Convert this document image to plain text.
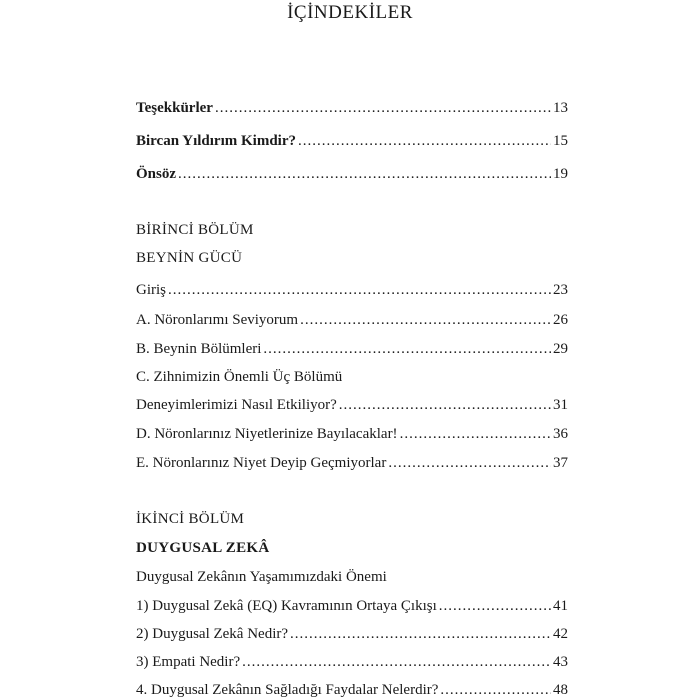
İÇİNDEKİLER
Teşekkürler .....	13
Bircan Yıldırım Kimdir? .....	15
Önsöz .....	19
BİRİNCİ BÖLÜM
BEYNİN GÜCÜ
Giriş .....	23
A. Nöronlarımı Seviyorum .....	26
B. Beynin Bölümleri .....	29
C. Zihnimizin Önemli Üç Bölümü
Deneyimlerimizi Nasıl Etkiliyor? .....	31
D. Nöronlarınız Niyetlerinize Bayılacaklar! .....	36
E. Nöronlarınız Niyet Deyip Geçmiyorlar .....	37
İKİNCİ BÖLÜM
DUYGUSAL ZEKÂ
Duygusal Zekânın Yaşamımızdaki Önemi
1) Duygusal Zekâ (EQ) Kavramının Ortaya Çıkışı .....	41
2) Duygusal Zekâ Nedir? .....	42
3) Empati Nedir? .....	43
4. Duygusal Zekânın Sağladığı Faydalar Nelerdir? .....	48
